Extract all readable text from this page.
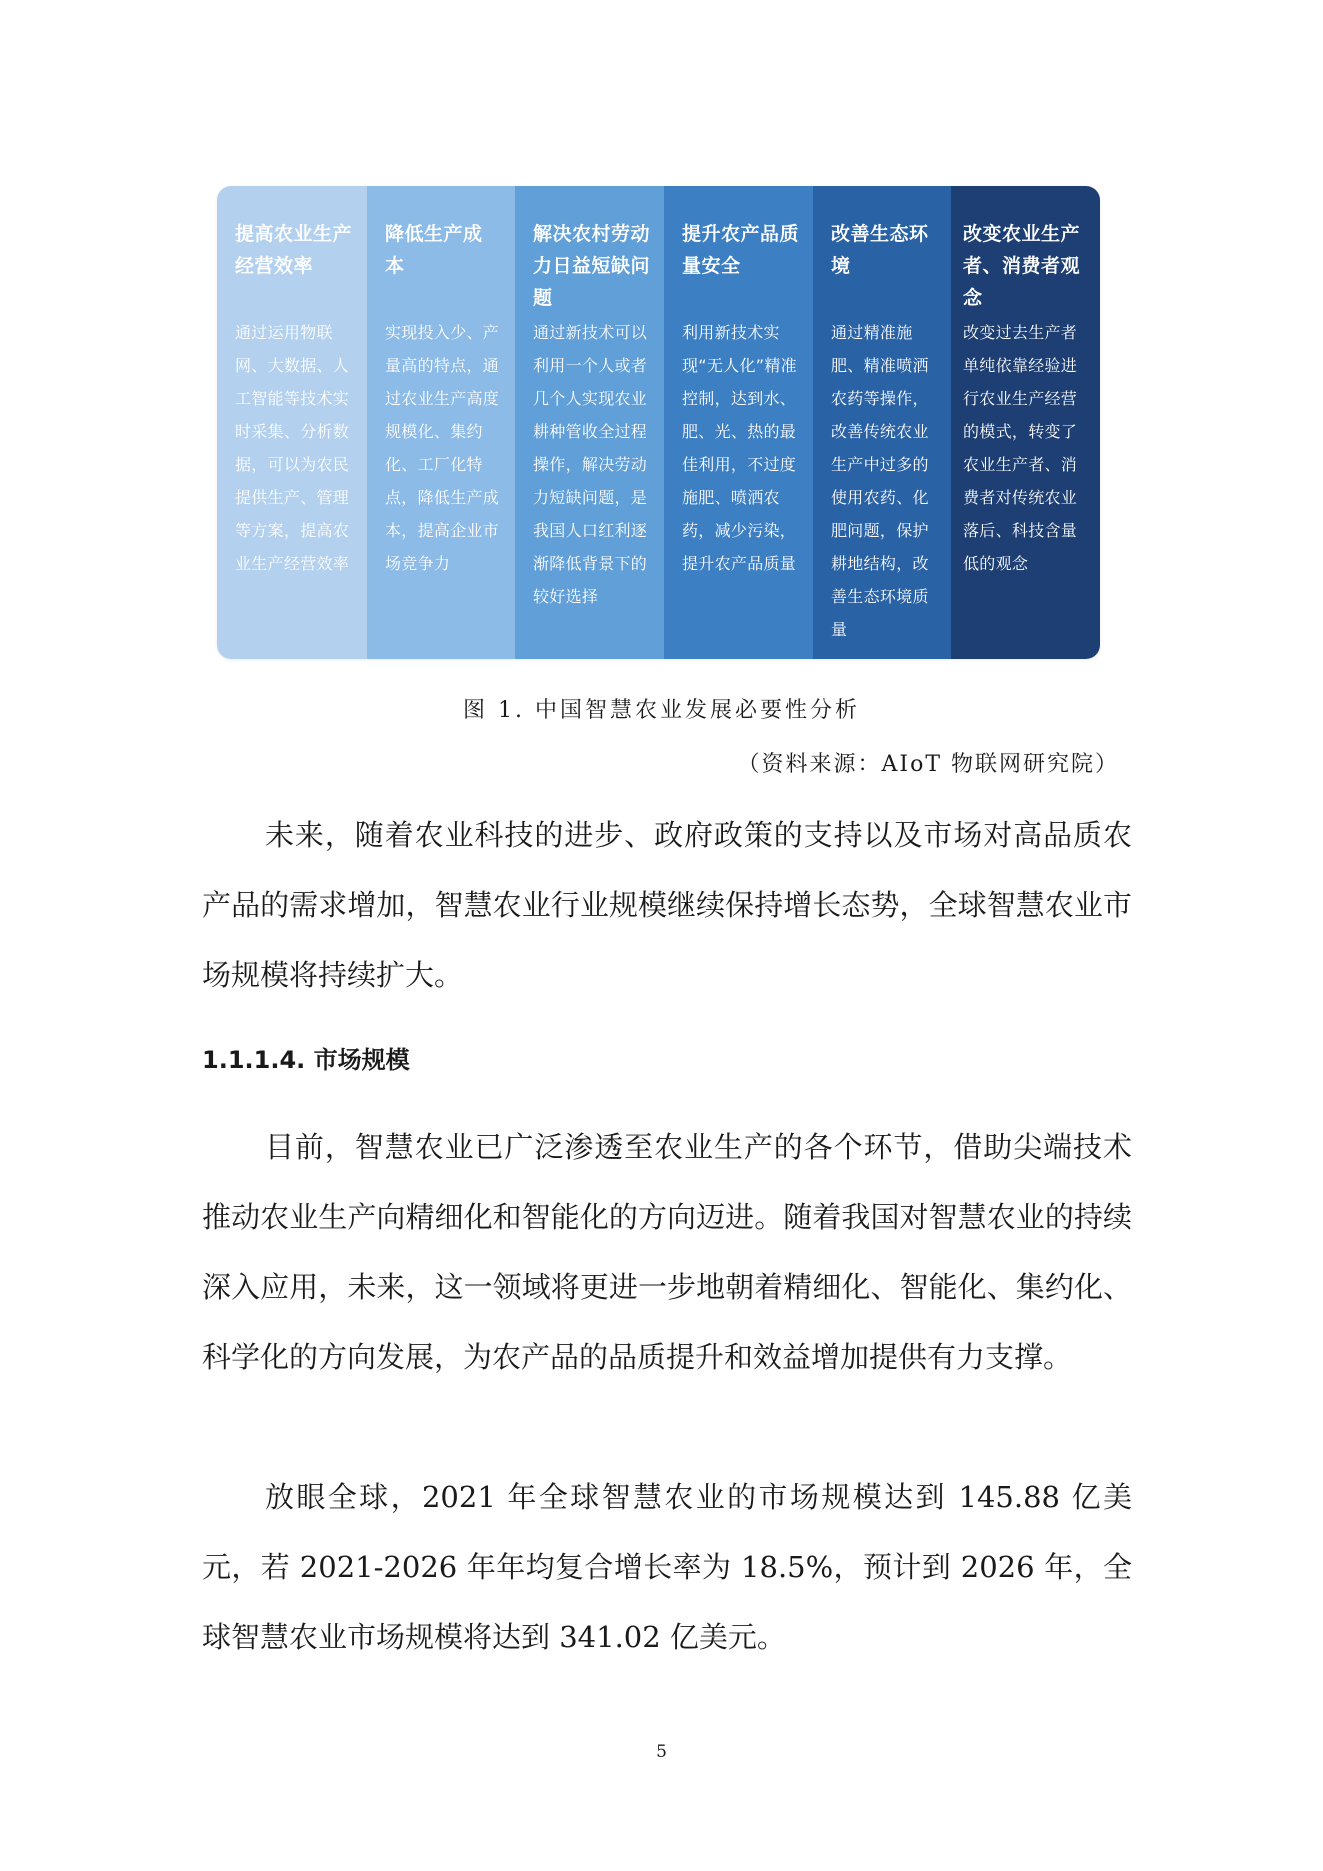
提高农业生产经营效率
通过运用物联网、大数据、人工智能等技术实时采集、分析数据，可以为农民提供生产、管理等方案，提高农业生产经营效率
降低生产成本
实现投入少、产量高的特点，通过农业生产高度规模化、集约化、工厂化特点，降低生产成本，提高企业市场竞争力
解决农村劳动力日益短缺问题
通过新技术可以利用一个人或者几个人实现农业耕种管收全过程操作，解决劳动力短缺问题，是我国人口红利逐渐降低背景下的较好选择
提升农产品质量安全
利用新技术实现“无人化”精准控制，达到水、肥、光、热的最佳利用，不过度施肥、喷洒农药，减少污染，提升农产品质量
改善生态环境
通过精准施肥、精准喷洒农药等操作，改善传统农业生产中过多的使用农药、化肥问题，保护耕地结构，改善生态环境质量
改变农业生产者、消费者观念
改变过去生产者单纯依靠经验进行农业生产经营的模式，转变了农业生产者、消费者对传统农业落后、科技含量低的观念
图 1. 中国智慧农业发展必要性分析
（资料来源：AIoT 物联网研究院）

未来，随着农业科技的进步、政府政策的支持以及市场对高品质农产品的需求增加，智慧农业行业规模继续保持增长态势，全球智慧农业市场规模将持续扩大。

1.1.1.4. 市场规模

目前，智慧农业已广泛渗透至农业生产的各个环节，借助尖端技术推动农业生产向精细化和智能化的方向迈进。随着我国对智慧农业的持续深入应用，未来，这一领域将更进一步地朝着精细化、智能化、集约化、科学化的方向发展，为农产品的品质提升和效益增加提供有力支撑。

放眼全球，2021 年全球智慧农业的市场规模达到 145.88 亿美元，若 2021-2026 年年均复合增长率为 18.5%，预计到 2026 年，全球智慧农业市场规模将达到 341.02 亿美元。

5
